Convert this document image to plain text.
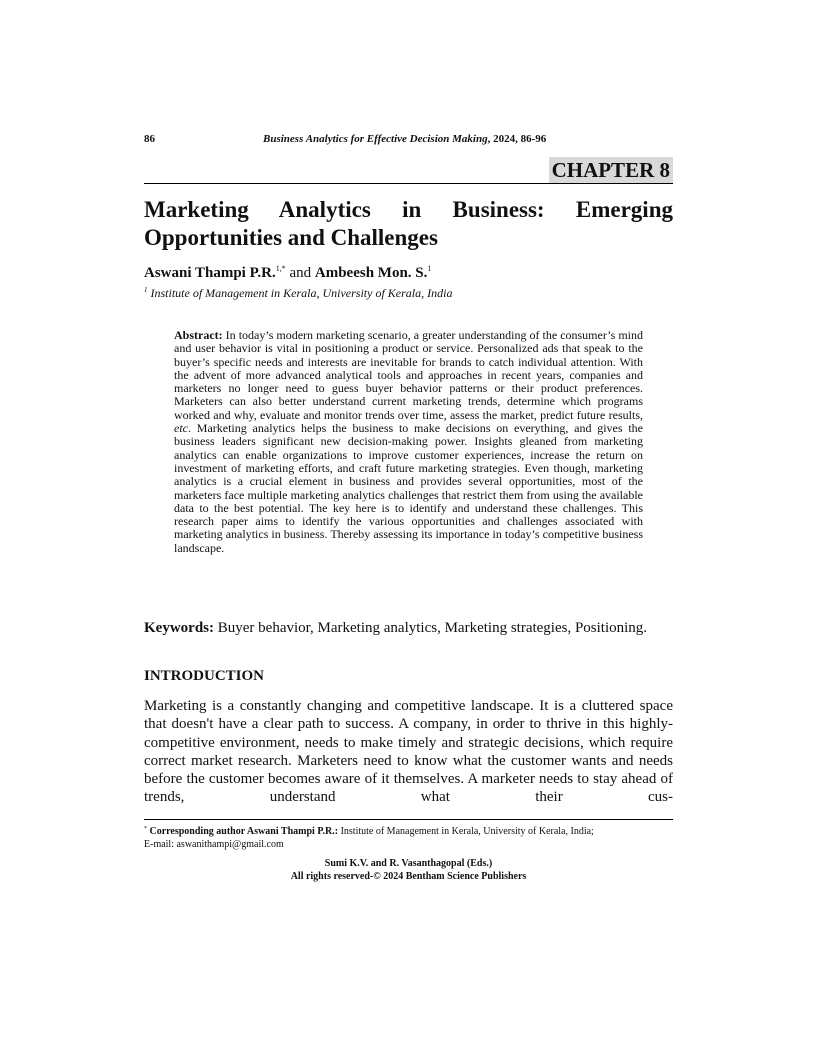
86	Business Analytics for Effective Decision Making, 2024, 86-96
CHAPTER 8
Marketing Analytics in Business: Emerging
Opportunities and Challenges
Aswani Thampi P.R.$^{1,*}$ and Ambeesh Mon. S.$^1$
$^1$ Institute of Management in Kerala, University of Kerala, India
Abstract: In today’s modern marketing scenario, a greater understanding of the consumer’s mind and user behavior is vital in positioning a product or service. Personalized ads that speak to the buyer’s specific needs and interests are inevitable for brands to catch individual attention. With the advent of more advanced analytical tools and approaches in recent years, companies and marketers no longer need to guess buyer behavior patterns or their product preferences. Marketers can also better understand current marketing trends, determine which programs worked and why, evaluate and monitor trends over time, assess the market, predict future results, etc. Marketing analytics helps the business to make decisions on everything, and gives the business leaders significant new decision-making power. Insights gleaned from marketing analytics can enable organizations to improve customer experiences, increase the return on investment of marketing efforts, and craft future marketing strategies. Even though, marketing analytics is a crucial element in business and provides several opportunities, most of the marketers face multiple marketing analytics challenges that restrict them from using the available data to the best potential. The key here is to identify and understand these challenges. This research paper aims to identify the various opportunities and challenges associated with marketing analytics in business. Thereby assessing its importance in today’s competitive business landscape.
Keywords: Buyer behavior, Marketing analytics, Marketing strategies, Positioning.
INTRODUCTION
Marketing is a constantly changing and competitive landscape. It is a cluttered space that doesn't have a clear path to success. A company, in order to thrive in this highly-competitive environment, needs to make timely and strategic decisions, which require correct market research. Marketers need to know what the customer wants and needs before the customer becomes aware of it themselves. A marketer needs to stay ahead of trends, understand what their cus-
* Corresponding author Aswani Thampi P.R.: Institute of Management in Kerala, University of Kerala, India;
E-mail: aswanithampi@gmail.com
Sumi K.V. and R. Vasanthagopal (Eds.)
All rights reserved-© 2024 Bentham Science Publishers
